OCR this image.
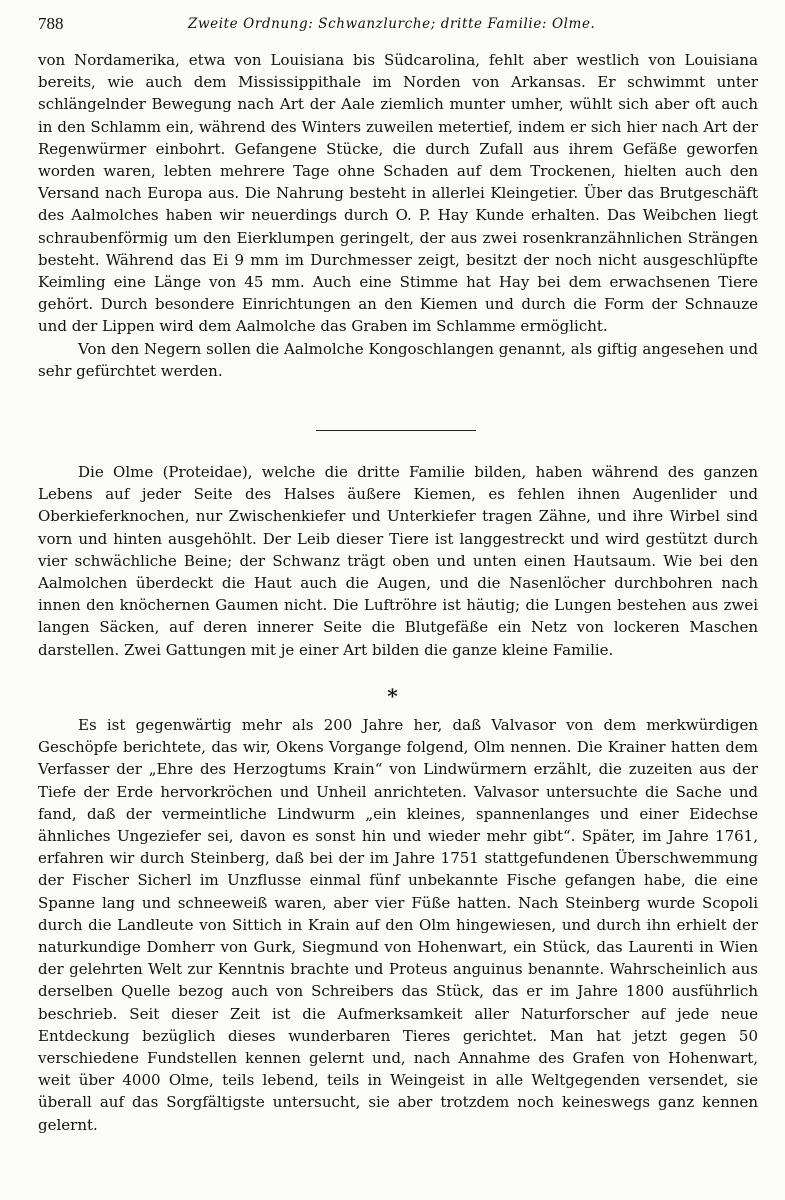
788	Zweite Ordnung: Schwanzlurche; dritte Familie: Olme.

von Nordamerika, etwa von Louisiana bis Südcarolina, fehlt aber westlich von Louisiana bereits, wie auch dem Mississippithale im Norden von Arkansas. Er schwimmt unter schlängelnder Bewegung nach Art der Aale ziemlich munter umher, wühlt sich aber oft auch in den Schlamm ein, während des Winters zuweilen metertief, indem er sich hier nach Art der Regenwürmer einbohrt. Gefangene Stücke, die durch Zufall aus ihrem Gefäße geworfen worden waren, lebten mehrere Tage ohne Schaden auf dem Trockenen, hielten auch den Versand nach Europa aus. Die Nahrung besteht in allerlei Kleingetier. Über das Brutgeschäft des Aalmolches haben wir neuerdings durch O. P. Hay Kunde erhalten. Das Weibchen liegt schraubenförmig um den Eierklumpen geringelt, der aus zwei rosenkranzähnlichen Strängen besteht. Während das Ei 9 mm im Durchmesser zeigt, besitzt der noch nicht ausgeschlüpfte Keimling eine Länge von 45 mm. Auch eine Stimme hat Hay bei dem erwachsenen Tiere gehört. Durch besondere Einrichtungen an den Kiemen und durch die Form der Schnauze und der Lippen wird dem Aalmolche das Graben im Schlamme ermöglicht.

Von den Negern sollen die Aalmolche Kongoschlangen genannt, als giftig angesehen und sehr gefürchtet werden.

Die Olme (Proteidae), welche die dritte Familie bilden, haben während des ganzen Lebens auf jeder Seite des Halses äußere Kiemen, es fehlen ihnen Augenlider und Oberkieferknochen, nur Zwischenkiefer und Unterkiefer tragen Zähne, und ihre Wirbel sind vorn und hinten ausgehöhlt. Der Leib dieser Tiere ist langgestreckt und wird gestützt durch vier schwächliche Beine; der Schwanz trägt oben und unten einen Hautsaum. Wie bei den Aalmolchen überdeckt die Haut auch die Augen, und die Nasenlöcher durchbohren nach innen den knöchernen Gaumen nicht. Die Luftröhre ist häutig; die Lungen bestehen aus zwei langen Säcken, auf deren innerer Seite die Blutgefäße ein Netz von lockeren Maschen darstellen. Zwei Gattungen mit je einer Art bilden die ganze kleine Familie.

*

Es ist gegenwärtig mehr als 200 Jahre her, daß Valvasor von dem merkwürdigen Geschöpfe berichtete, das wir, Okens Vorgange folgend, Olm nennen. Die Krainer hatten dem Verfasser der „Ehre des Herzogtums Krain“ von Lindwürmern erzählt, die zuzeiten aus der Tiefe der Erde hervorkröchen und Unheil anrichteten. Valvasor untersuchte die Sache und fand, daß der vermeintliche Lindwurm „ein kleines, spannenlanges und einer Eidechse ähnliches Ungeziefer sei, davon es sonst hin und wieder mehr gibt“. Später, im Jahre 1761, erfahren wir durch Steinberg, daß bei der im Jahre 1751 stattgefundenen Überschwemmung der Fischer Sicherl im Unzflusse einmal fünf unbekannte Fische gefangen habe, die eine Spanne lang und schneeweiß waren, aber vier Füße hatten. Nach Steinberg wurde Scopoli durch die Landleute von Sittich in Krain auf den Olm hingewiesen, und durch ihn erhielt der naturkundige Domherr von Gurk, Siegmund von Hohenwart, ein Stück, das Laurenti in Wien der gelehrten Welt zur Kenntnis brachte und Proteus anguinus benannte. Wahrscheinlich aus derselben Quelle bezog auch von Schreibers das Stück, das er im Jahre 1800 ausführlich beschrieb. Seit dieser Zeit ist die Aufmerksamkeit aller Naturforscher auf jede neue Entdeckung bezüglich dieses wunderbaren Tieres gerichtet. Man hat jetzt gegen 50 verschiedene Fundstellen kennen gelernt und, nach Annahme des Grafen von Hohenwart, weit über 4000 Olme, teils lebend, teils in Weingeist in alle Weltgegenden versendet, sie überall auf das Sorgfältigste untersucht, sie aber trotzdem noch keineswegs ganz kennen gelernt.
